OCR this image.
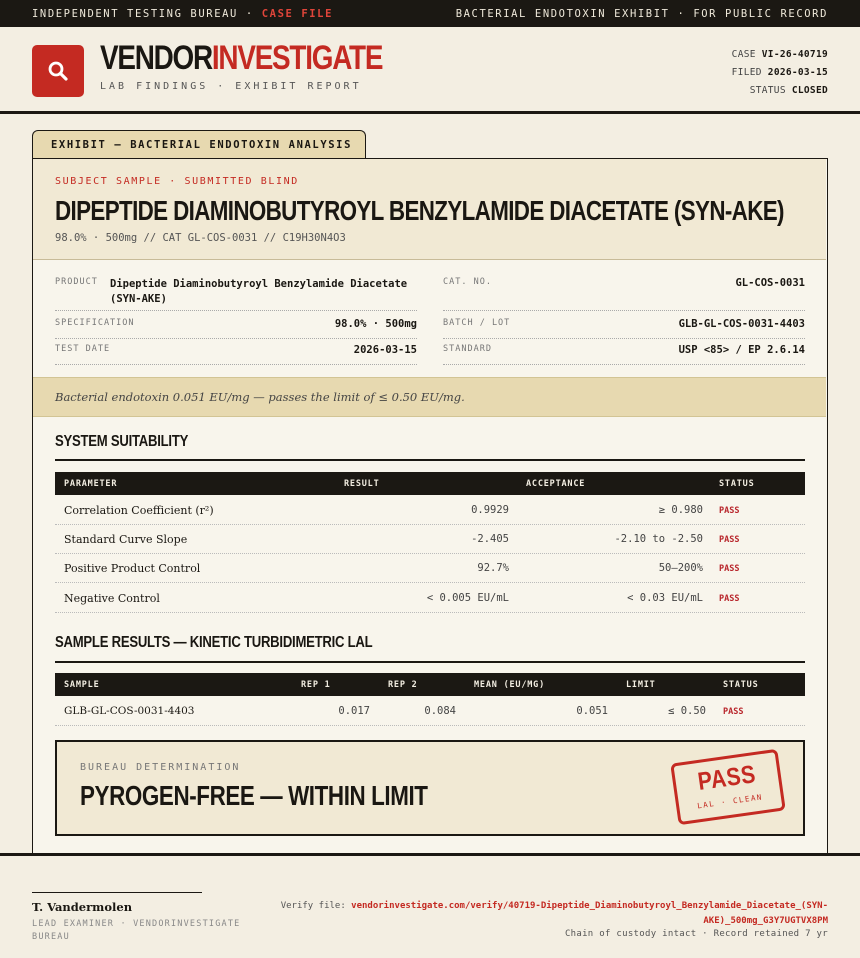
INDEPENDENT TESTING BUREAU · CASE FILE	BACTERIAL ENDOTOXIN EXHIBIT · FOR PUBLIC RECORD
VENDORINVESTIGATE
LAB FINDINGS · EXHIBIT REPORT
CASE VI-26-40719
FILED 2026-03-15
STATUS CLOSED
EXHIBIT — BACTERIAL ENDOTOXIN ANALYSIS
SUBJECT SAMPLE · SUBMITTED BLIND
DIPEPTIDE DIAMINOBUTYROYL BENZYLAMIDE DIACETATE (SYN-AKE)
98.0% · 500mg // CAT GL-COS-0031 // C19H30N4O3
PRODUCT Dipeptide Diaminobutyroyl Benzylamide Diacetate (SYN-AKE)
CAT. NO.	GL-COS-0031
SPECIFICATION	98.0% · 500mg	BATCH / LOT	GLB-GL-COS-0031-4403
TEST DATE	2026-03-15	STANDARD	USP <85> / EP 2.6.14
Bacterial endotoxin 0.051 EU/mg — passes the limit of ≤ 0.50 EU/mg.
SYSTEM SUITABILITY
PARAMETER	RESULT	ACCEPTANCE	STATUS
Correlation Coefficient (r²)	0.9929	≥ 0.980 PASS
Standard Curve Slope	-2.405	-2.10 to -2.50 PASS
Positive Product Control	92.7%	50–200% PASS
Negative Control	< 0.005 EU/mL	< 0.03 EU/mL PASS
SAMPLE RESULTS — KINETIC TURBIDIMETRIC LAL
SAMPLE	REP 1	REP 2	MEAN (EU/MG)	LIMIT	STATUS
GLB-GL-COS-0031-4403	0.017	0.084	0.051	≤ 0.50 PASS
BUREAU DETERMINATION
PYROGEN-FREE — WITHIN LIMIT	PASS
LAL · CLEAN
T. Vandermolen
LEAD EXAMINER · VENDORINVESTIGATE BUREAU
Verify file: vendorinvestigate.com/verify/40719-Dipeptide_Diaminobutyroyl_Benzylamide_Diacetate_(SYN-AKE)_500mg_G3Y7UGTVX8PM
Chain of custody intact · Record retained 7 yr
